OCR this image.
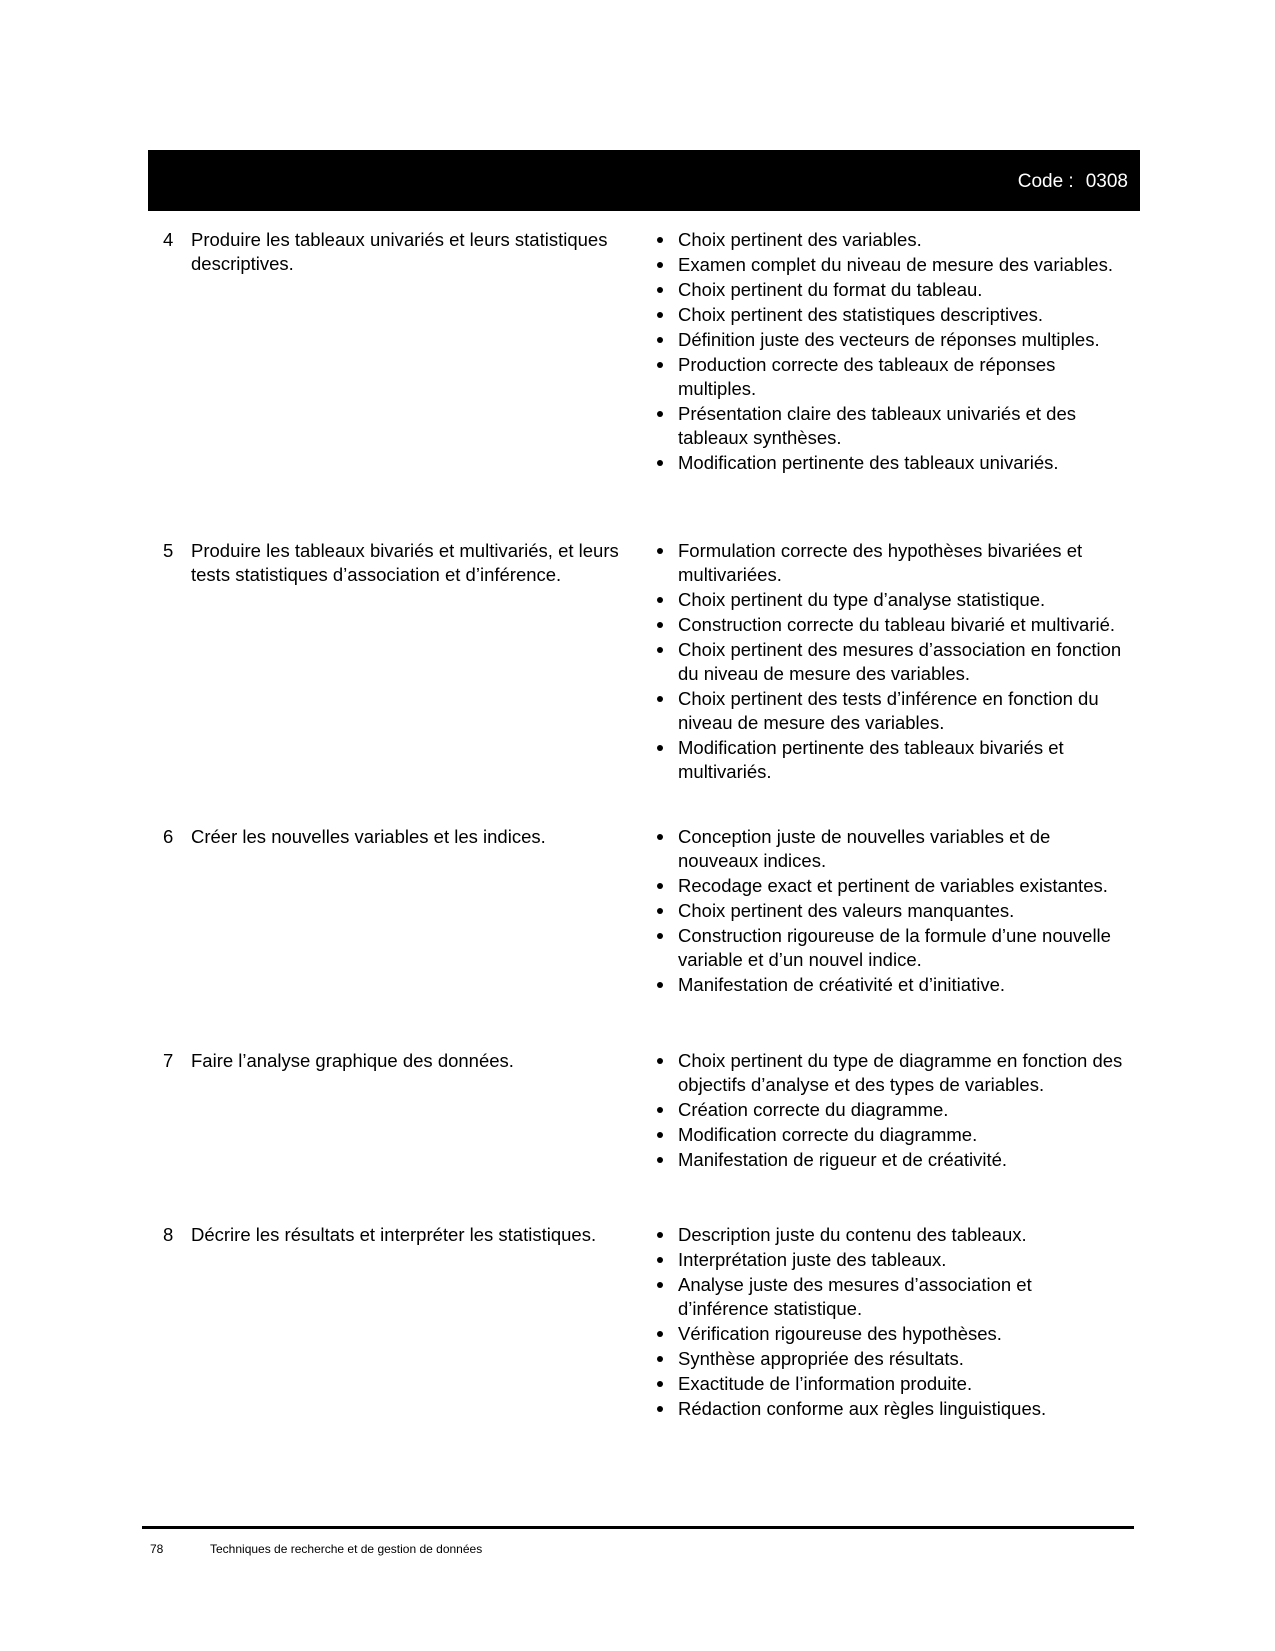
Code : 0308
4 Produire les tableaux univariés et leurs statistiques descriptives.
Choix pertinent des variables.
Examen complet du niveau de mesure des variables.
Choix pertinent du format du tableau.
Choix pertinent des statistiques descriptives.
Définition juste des vecteurs de réponses multiples.
Production correcte des tableaux de réponses multiples.
Présentation claire des tableaux univariés et des tableaux synthèses.
Modification pertinente des tableaux univariés.
5 Produire les tableaux bivariés et multivariés, et leurs tests statistiques d’association et d’inférence.
Formulation correcte des hypothèses bivariées et multivariées.
Choix pertinent du type d’analyse statistique.
Construction correcte du tableau bivarié et multivarié.
Choix pertinent des mesures d’association en fonction du niveau de mesure des variables.
Choix pertinent des tests d’inférence en fonction du niveau de mesure des variables.
Modification pertinente des tableaux bivariés et multivariés.
6 Créer les nouvelles variables et les indices.	Conception juste de nouvelles variables et de nouveaux indices.
Recodage exact et pertinent de variables existantes.
Choix pertinent des valeurs manquantes.
Construction rigoureuse de la formule d’une nouvelle variable et d’un nouvel indice.
Manifestation de créativité et d’initiative.
7 Faire l’analyse graphique des données.	Choix pertinent du type de diagramme en fonction des objectifs d’analyse et des types de variables.
Création correcte du diagramme.
Modification correcte du diagramme.
Manifestation de rigueur et de créativité.
8 Décrire les résultats et interpréter les statistiques.	Description juste du contenu des tableaux.
Interprétation juste des tableaux.
Analyse juste des mesures d’association et d’inférence statistique.
Vérification rigoureuse des hypothèses.
Synthèse appropriée des résultats.
Exactitude de l’information produite.
Rédaction conforme aux règles linguistiques.
78	Techniques de recherche et de gestion de données
